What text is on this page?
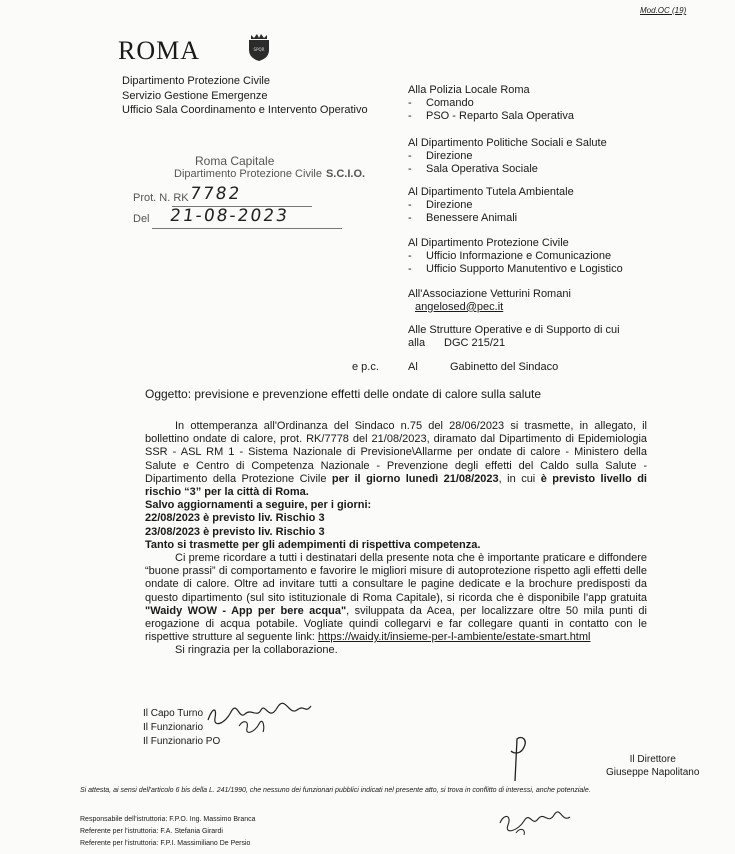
Mod.OC (19)
ROMA	SPQR
Dipartimento Protezione Civile
Servizio Gestione Emergenze
Ufficio Sala Coordinamento e Intervento Operativo
Roma Capitale
Dipartimento Protezione Civile S.C.I.O.
Prot. N. RK 7782
Del 21-08-2023
Alla Polizia Locale Roma
- Comando
- PSO - Reparto Sala Operativa
Al Dipartimento Politiche Sociali e Salute
- Direzione
- Sala Operativa Sociale
Al Dipartimento Tutela Ambientale
- Direzione
- Benessere Animali
Al Dipartimento Protezione Civile
- Ufficio Informazione e Comunicazione
- Ufficio Supporto Manutentivo e Logistico
All'Associazione Vetturini Romani
angelosed@pec.it
Alle Strutture Operative e di Supporto di cui
alla DGC 215/21
e p.c.	Al	Gabinetto del Sindaco
Oggetto: previsione e prevenzione effetti delle ondate di calore sulla salute

In ottemperanza all'Ordinanza del Sindaco n.75 del 28/06/2023 si trasmette, in allegato, il bollettino ondate di calore, prot. RK/7778 del 21/08/2023, diramato dal Dipartimento di Epidemiologia SSR - ASL RM 1 - Sistema Nazionale di Previsione\Allarme per ondate di calore - Ministero della Salute e Centro di Competenza Nazionale - Prevenzione degli effetti del Caldo sulla Salute - Dipartimento della Protezione Civile per il giorno lunedì 21/08/2023, in cui è previsto livello di rischio “3” per la città di Roma.

Salvo aggiornamenti a seguire, per i giorni:

22/08/2023 è previsto liv. Rischio 3

23/08/2023 è previsto liv. Rischio 3

Tanto si trasmette per gli adempimenti di rispettiva competenza.

Ci preme ricordare a tutti i destinatari della presente nota che è importante praticare e diffondere “buone prassi” di comportamento e favorire le migliori misure di autoprotezione rispetto agli effetti delle ondate di calore. Oltre ad invitare tutti a consultare le pagine dedicate e la brochure predisposti da questo dipartimento (sul sito istituzionale di Roma Capitale), si ricorda che è disponibile l'app gratuita "Waidy WOW - App per bere acqua", sviluppata da Acea, per localizzare oltre 50 mila punti di erogazione di acqua potabile. Vogliate quindi collegarvi e far collegare quanti in contatto con le rispettive strutture al seguente link: https://waidy.it/insieme-per-l-ambiente/estate-smart.html

Si ringrazia per la collaborazione.

Il Capo Turno
Il Funzionario
Il Funzionario PO
Il Direttore
Giuseppe Napolitano
Si attesta, ai sensi dell'articolo 6 bis della L. 241/1990, che nessuno dei funzionari pubblici indicati nel presente atto, si trova in conflitto di interessi, anche potenziale.
Responsabile dell'istruttoria: F.P.O. Ing. Massimo Branca
Referente per l'istruttoria: F.A. Stefania Girardi
Referente per l'istruttoria: F.P.I. Massimiliano De Persio
